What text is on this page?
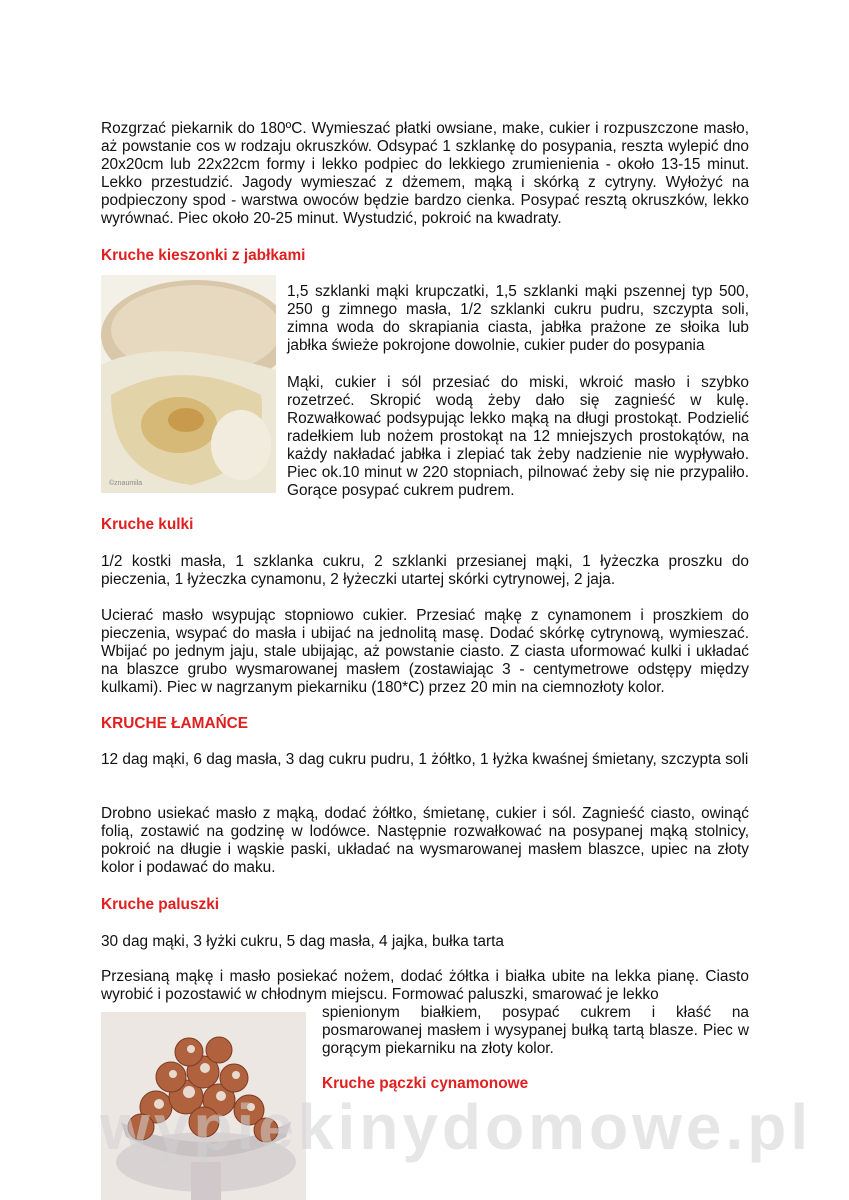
Rozgrzać piekarnik do 180ºC. Wymieszać płatki owsiane, make, cukier i rozpuszczone masło, aż powstanie cos w rodzaju okruszków. Odsypać 1 szklankę do posypania, reszta wylepić dno 20x20cm lub 22x22cm formy i lekko podpiec do lekkiego zrumienienia - około 13-15 minut. Lekko przestudzić. Jagody wymieszać z dżemem, mąką i skórką z cytryny. Wyłożyć na podpieczony spod - warstwa owoców będzie bardzo cienka. Posypać resztą okruszków, lekko wyrównać. Piec około 20-25 minut. Wystudzić, pokroić na kwadraty.

Kruche kieszonki z jabłkami
©znaumila

1,5 szklanki mąki krupczatki, 1,5 szklanki mąki pszennej typ 500, 250 g zimnego masła, 1/2 szklanki cukru pudru, szczypta soli, zimna woda do skrapiania ciasta, jabłka prażone ze słoika lub jabłka świeże pokrojone dowolnie, cukier puder do posypania

Mąki, cukier i sól przesiać do miski, wkroić masło i szybko rozetrzeć. Skropić wodą żeby dało się zagnieść w kulę. Rozwałkować podsypując lekko mąką na długi prostokąt. Podzielić radełkiem lub nożem prostokąt na 12 mniejszych prostokątów, na każdy nakładać jabłka i zlepiać tak żeby nadzienie nie wypływało. Piec ok.10 minut w 220 stopniach, pilnować żeby się nie przypaliło. Gorące posypać cukrem pudrem.

Kruche kulki

1/2 kostki masła, 1 szklanka cukru, 2 szklanki przesianej mąki, 1 łyżeczka proszku do pieczenia, 1 łyżeczka cynamonu, 2 łyżeczki utartej skórki cytrynowej, 2 jaja.

Ucierać masło wsypując stopniowo cukier. Przesiać mąkę z cynamonem i proszkiem do pieczenia, wsypać do masła i ubijać na jednolitą masę. Dodać skórkę cytrynową, wymieszać. Wbijać po jednym jaju, stale ubijając, aż powstanie ciasto. Z ciasta uformować kulki i układać na blaszce grubo wysmarowanej masłem (zostawiając 3 - centymetrowe odstępy między kulkami). Piec w nagrzanym piekarniku (180*C) przez 20 min na ciemnozłoty kolor.

KRUCHE ŁAMAŃCE

12 dag mąki, 6 dag masła, 3 dag cukru pudru, 1 żółtko, 1 łyżka kwaśnej śmietany, szczypta soli

Drobno usiekać masło z mąką, dodać żółtko, śmietanę, cukier i sól. Zagnieść ciasto, owinąć folią, zostawić na godzinę w lodówce. Następnie rozwałkować na posypanej mąką stolnicy, pokroić na długie i wąskie paski, układać na wysmarowanej masłem blaszce, upiec na złoty kolor i podawać do maku.

Kruche paluszki

30 dag mąki, 3 łyżki cukru, 5 dag masła, 4 jajka, bułka tarta

Przesianą mąkę i masło posiekać nożem, dodać żółtka i białka ubite na lekka pianę. Ciasto wyrobić i pozostawić w chłodnym miejscu. Formować paluszki, smarować je lekko

spienionym białkiem, posypać cukrem i kłaść na posmarowanej masłem i wysypanej bułką tartą blasze. Piec w gorącym piekarniku na złoty kolor.

Kruche pączki cynamonowe
wypiekinydomowe.pl
